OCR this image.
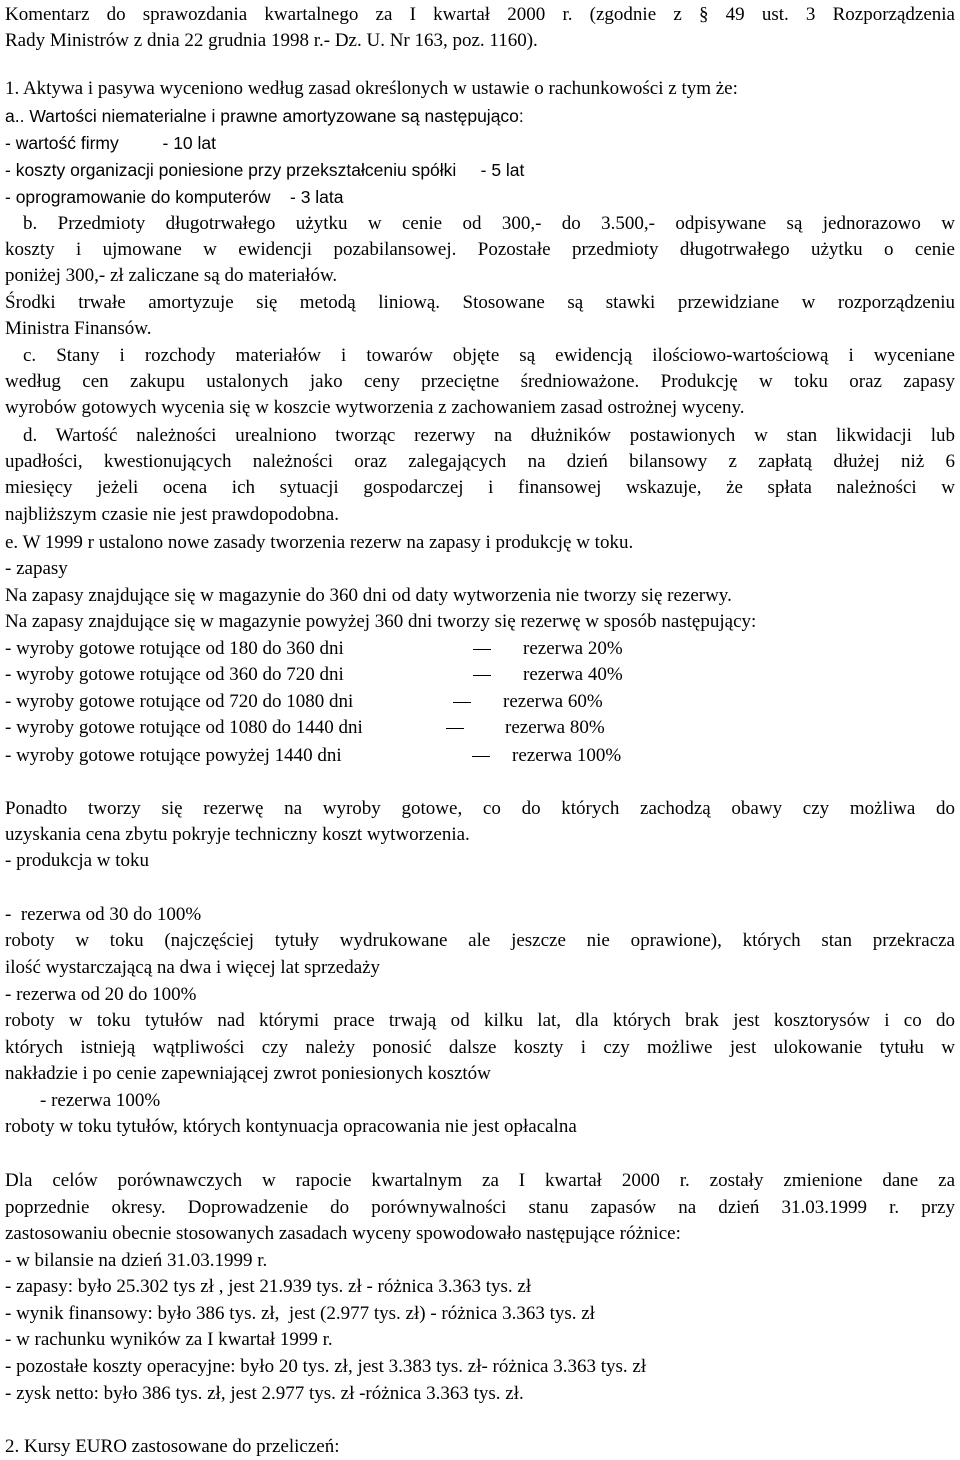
Komentarz do sprawozdania kwartalnego za I kwartał 2000 r. (zgodnie z § 49 ust. 3 Rozporządzenia
Rady Ministrów z dnia 22 grudnia 1998 r.- Dz. U. Nr 163, poz. 1160).
1. Aktywa i pasywa wyceniono według zasad określonych w ustawie o rachunkowości z tym że:
a.. Wartości niematerialne i prawne amortyzowane są następująco:
- wartość firmy         - 10 lat
- koszty organizacji poniesione przy przekształceniu spółki     - 5 lat
- oprogramowanie do komputerów    - 3 lata
b. Przedmioty długotrwałego użytku w cenie od 300,- do 3.500,- odpisywane są jednorazowo w
koszty i ujmowane w ewidencji pozabilansowej. Pozostałe przedmioty długotrwałego użytku o cenie
poniżej 300,- zł zaliczane są do materiałów.
Środki trwałe amortyzuje się metodą liniową. Stosowane są stawki przewidziane w rozporządzeniu
Ministra Finansów.
c. Stany i rozchody materiałów i towarów objęte są ewidencją ilościowo-wartościową i wyceniane
według cen zakupu ustalonych jako ceny przeciętne średnioważone. Produkcję w toku oraz zapasy
wyrobów gotowych wycenia się w koszcie wytworzenia z zachowaniem zasad ostrożnej wyceny.
d. Wartość należności urealniono tworząc rezerwy na dłużników postawionych w stan likwidacji lub
upadłości, kwestionujących należności oraz zalegających na dzień bilansowy z zapłatą dłużej niż 6
miesięcy jeżeli ocena ich sytuacji gospodarczej i finansowej wskazuje, że spłata należności w
najbliższym czasie nie jest prawdopodobna.
e. W 1999 r ustalono nowe zasady tworzenia rezerw na zapasy i produkcję w toku.
- zapasy
Na zapasy znajdujące się w magazynie do 360 dni od daty wytworzenia nie tworzy się rezerwy.
Na zapasy znajdujące się w magazynie powyżej 360 dni tworzy się rezerwę w sposób następujący:
- wyroby gotowe rotujące od 180 do 360 dni	rezerwa 20%
- wyroby gotowe rotujące od 360 do 720 dni	rezerwa 40%
- wyroby gotowe rotujące od 720 do 1080 dni	rezerwa 60%
- wyroby gotowe rotujące od 1080 do 1440 dni	rezerwa 80%
- wyroby gotowe rotujące powyżej 1440 dni	rezerwa 100%
Ponadto tworzy się rezerwę na wyroby gotowe, co do których zachodzą obawy czy możliwa do
uzyskania cena zbytu pokryje techniczny koszt wytworzenia.
- produkcja w toku
-  rezerwa od 30 do 100%
roboty w toku (najczęściej tytuły wydrukowane ale jeszcze nie oprawione), których stan przekracza
ilość wystarczającą na dwa i więcej lat sprzedaży
- rezerwa od 20 do 100%
roboty w toku tytułów nad którymi prace trwają od kilku lat, dla których brak jest kosztorysów i co do
których istnieją wątpliwości czy należy ponosić dalsze koszty i czy możliwe jest ulokowanie tytułu w
nakładzie i po cenie zapewniającej zwrot poniesionych kosztów
- rezerwa 100%
roboty w toku tytułów, których kontynuacja opracowania nie jest opłacalna
Dla celów porównawczych w rapocie kwartalnym za I kwartał 2000 r. zostały zmienione dane za
poprzednie okresy. Doprowadzenie do porównywalności stanu zapasów na dzień 31.03.1999 r. przy
zastosowaniu obecnie stosowanych zasadach wyceny spowodowało następujące różnice:
- w bilansie na dzień 31.03.1999 r.
- zapasy: było 25.302 tys zł , jest 21.939 tys. zł - różnica 3.363 tys. zł
- wynik finansowy: było 386 tys. zł,  jest (2.977 tys. zł) - różnica 3.363 tys. zł
- w rachunku wyników za I kwartał 1999 r.
- pozostałe koszty operacyjne: było 20 tys. zł, jest 3.383 tys. zł- różnica 3.363 tys. zł
- zysk netto: było 386 tys. zł, jest 2.977 tys. zł -różnica 3.363 tys. zł.
2. Kursy EURO zastosowane do przeliczeń:
